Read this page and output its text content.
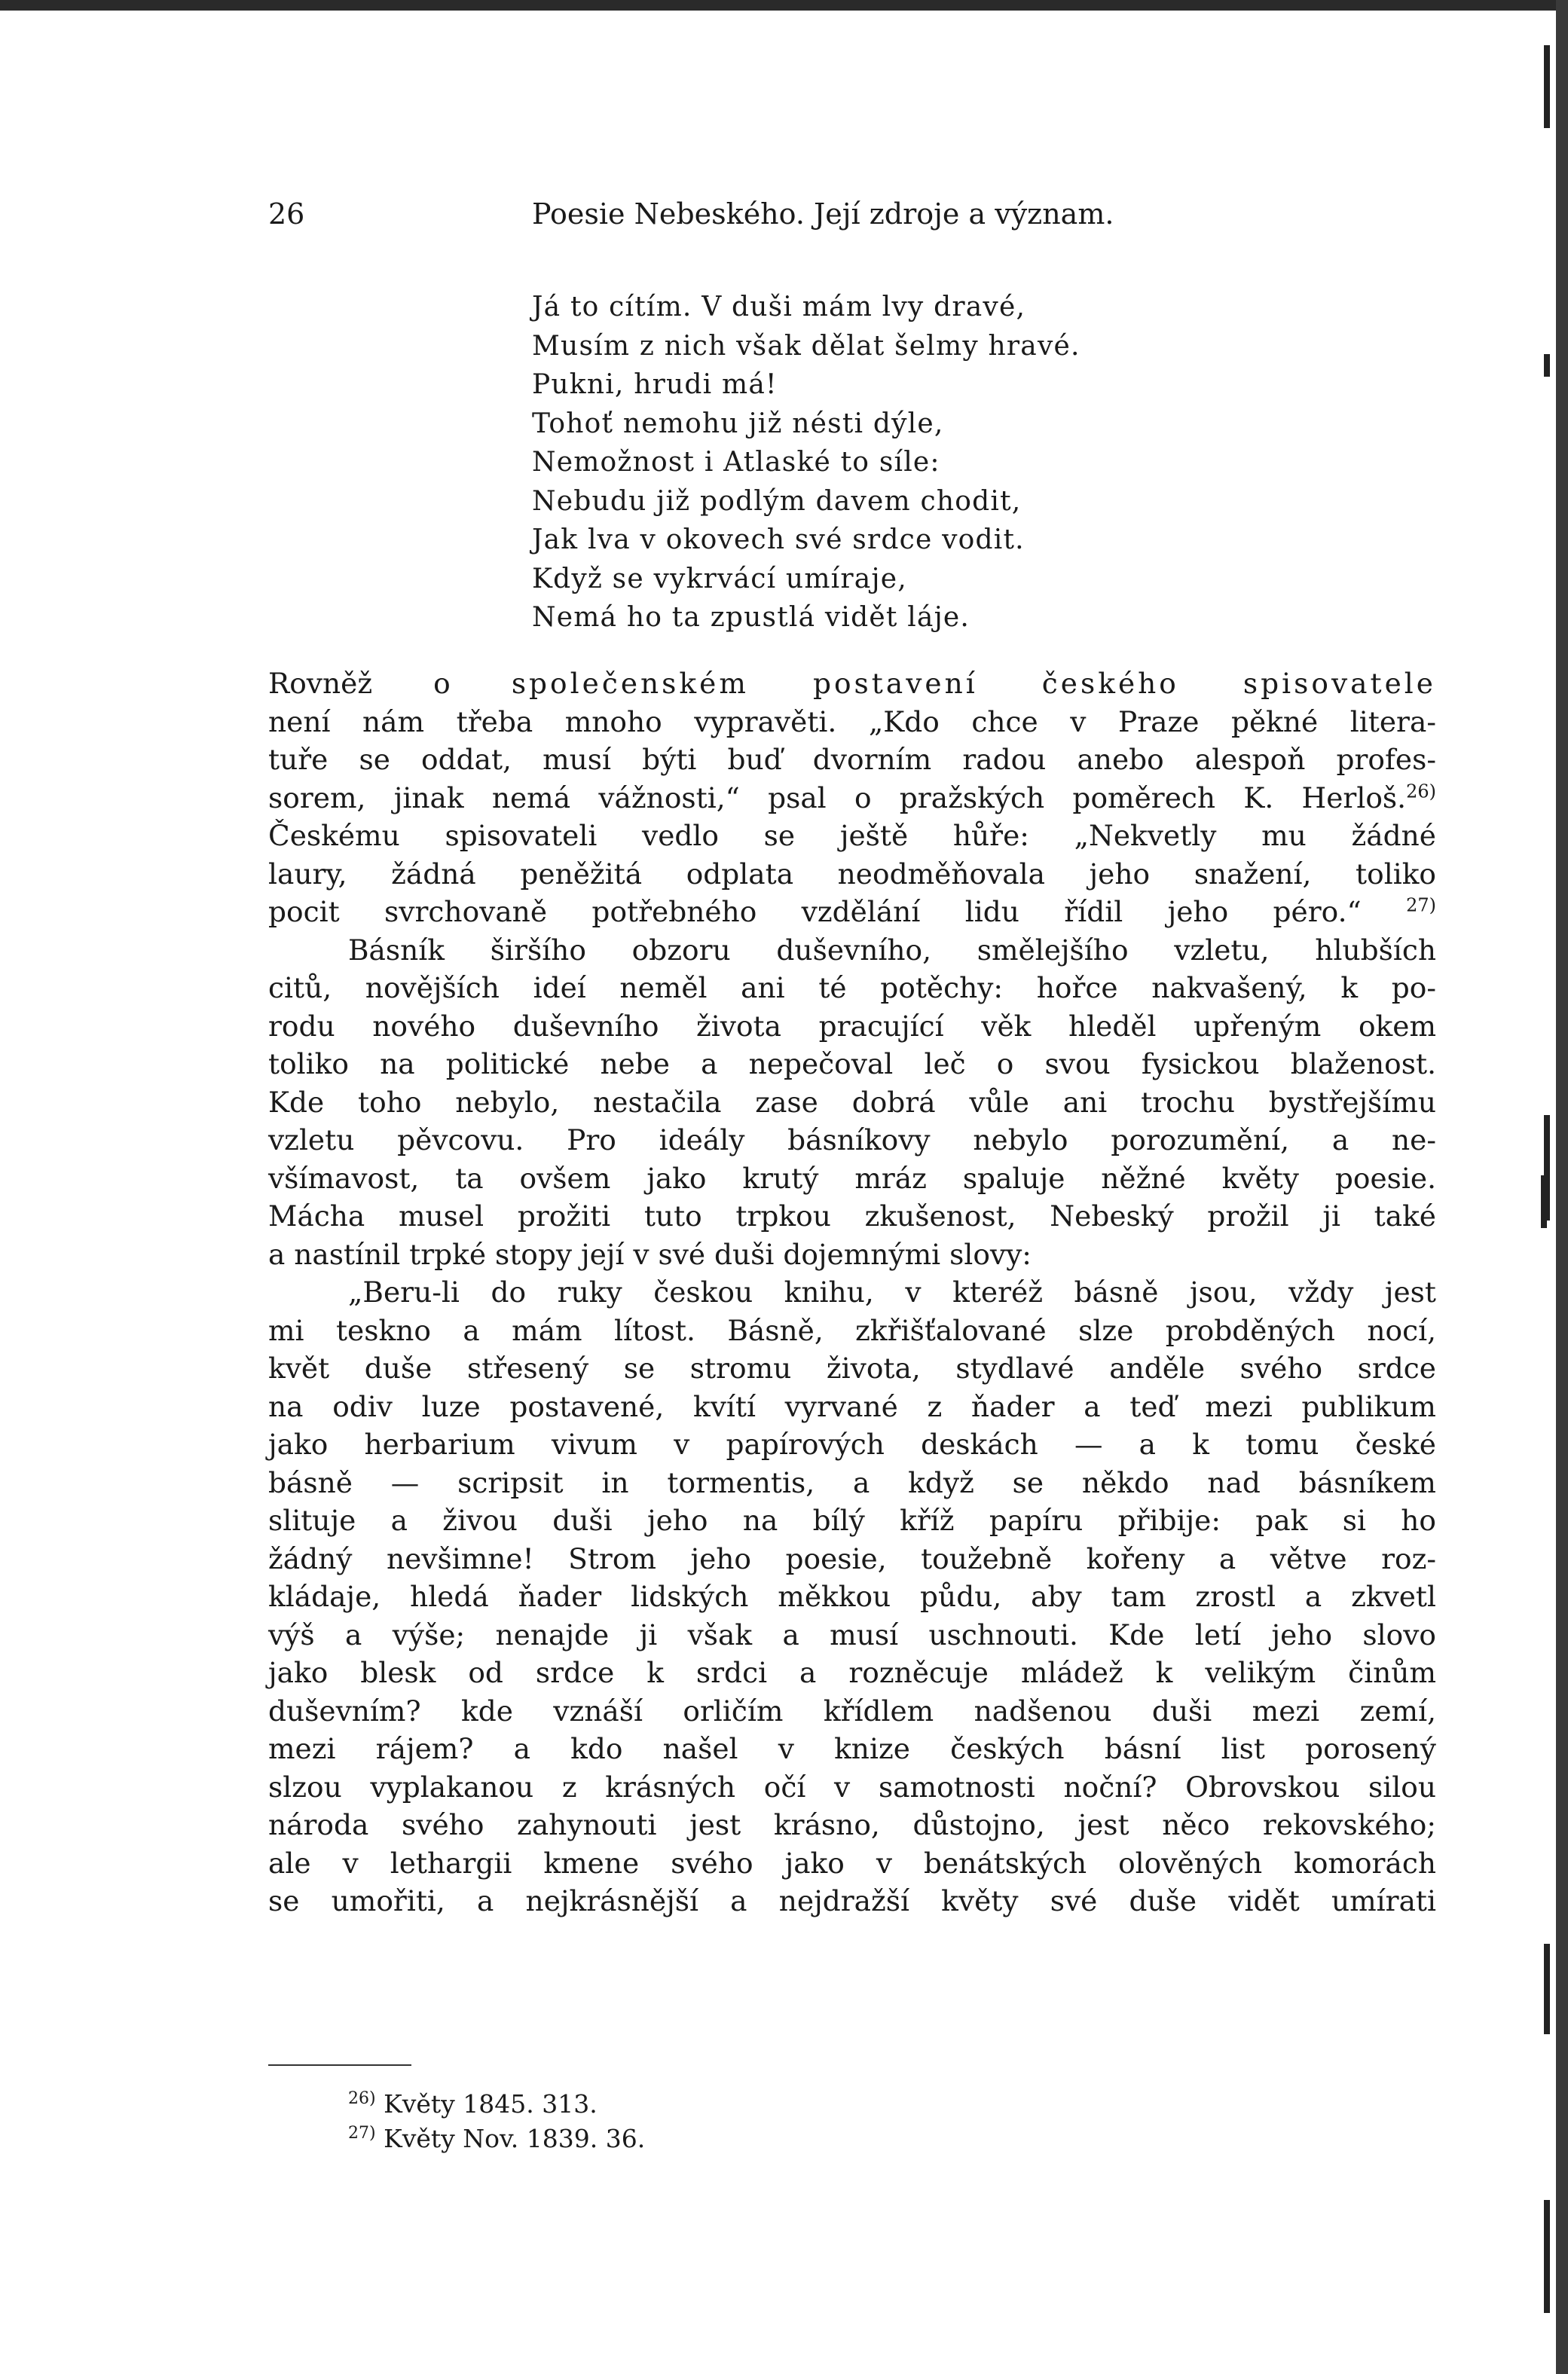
26	Poesie Nebeského. Její zdroje a význam.
Já to cítím. V duši mám lvy dravé,
Musím z nich však dělat šelmy hravé.
Pukni, hrudi má!
Tohoť nemohu již nésti dýle,
Nemožnost i Atlaské to síle:
Nebudu již podlým davem chodit,
Jak lva v okovech své srdce vodit.
Když se vykrvácí umíraje,
Nemá ho ta zpustlá vidět láje.
Rovněž o společenském postavení českého spisovatele
není nám třeba mnoho vypravěti. „Kdo chce v Praze pěkné litera-
tuře se oddat, musí býti buď dvorním radou anebo alespoň profes-
sorem, jinak nemá vážnosti,“ psal o pražských poměrech K. Herloš.$^{26)}$
Českému spisovateli vedlo se ještě hůře: „Nekvetly mu žádné
laury, žádná peněžitá odplata neodměňovala jeho snažení, toliko
pocit svrchovaně potřebného vzdělání lidu řídil jeho péro.“ $^{27)}$
Básník širšího obzoru duševního, smělejšího vzletu, hlubších
citů, novějších ideí neměl ani té potěchy: hořce nakvašený, k po-
rodu nového duševního života pracující věk hleděl upřeným okem
toliko na politické nebe a nepečoval leč o svou fysickou blaženost.
Kde toho nebylo, nestačila zase dobrá vůle ani trochu bystřejšímu
vzletu pěvcovu. Pro ideály básníkovy nebylo porozumění, a ne-
všímavost, ta ovšem jako krutý mráz spaluje něžné květy poesie.
Mácha musel prožiti tuto trpkou zkušenost, Nebeský prožil ji také
a nastínil trpké stopy její v své duši dojemnými slovy:
„Beru-li do ruky českou knihu, v kteréž básně jsou, vždy jest
mi teskno a mám lítost. Básně, zkřišťalované slze probděných nocí,
květ duše střesený se stromu života, stydlavé anděle svého srdce
na odiv luze postavené, kvítí vyrvané z ňader a teď mezi publikum
jako herbarium vivum v papírových deskách — a k tomu české
básně — scripsit in tormentis, a když se někdo nad básníkem
slituje a živou duši jeho na bílý kříž papíru přibije: pak si ho
žádný nevšimne! Strom jeho poesie, toužebně kořeny a větve roz-
kládaje, hledá ňader lidských měkkou půdu, aby tam zrostl a zkvetl
výš a výše; nenajde ji však a musí uschnouti. Kde letí jeho slovo
jako blesk od srdce k srdci a rozněcuje mládež k velikým činům
duševním? kde vznáší orličím křídlem nadšenou duši mezi zemí,
mezi rájem? a kdo našel v knize českých básní list porosený
slzou vyplakanou z krásných očí v samotnosti noční? Obrovskou silou
národa svého zahynouti jest krásno, důstojno, jest něco rekovského;
ale v lethargii kmene svého jako v benátských olověných komorách
se umořiti, a nejkrásnější a nejdražší květy své duše vidět umírati
$^{26)}$ Květy 1845. 313.
$^{27)}$ Květy Nov. 1839. 36.
